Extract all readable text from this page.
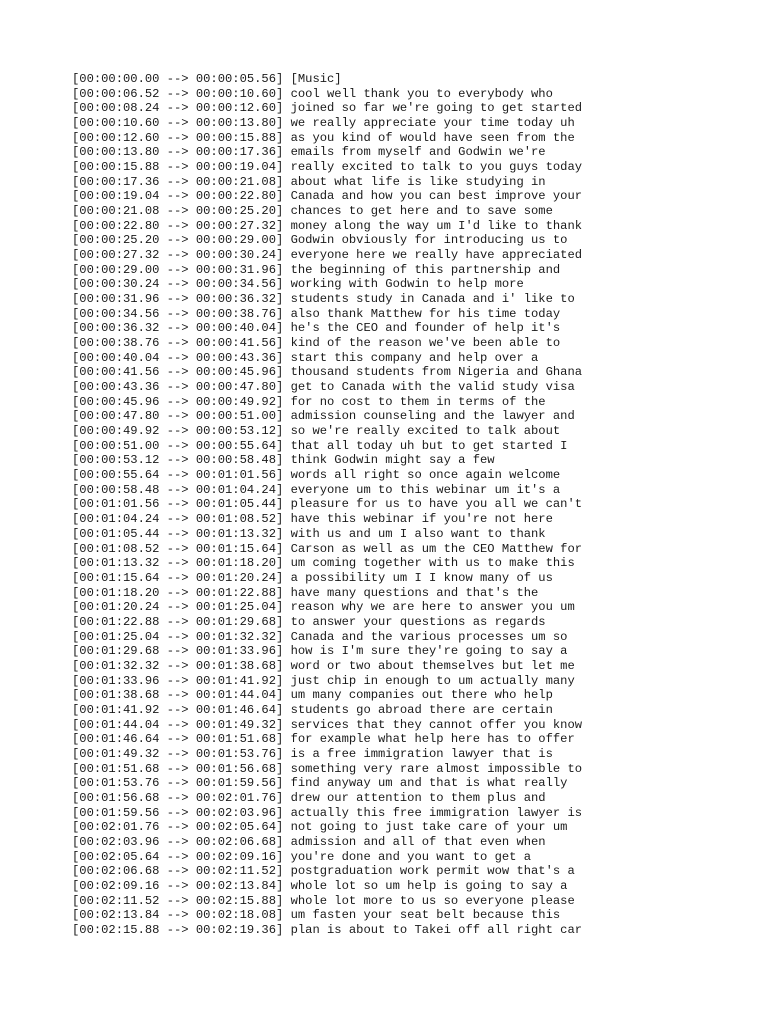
[00:00:00.00 --> 00:00:05.56] [Music]
[00:00:06.52 --> 00:00:10.60] cool well thank you to everybody who
[00:00:08.24 --> 00:00:12.60] joined so far we're going to get started
[00:00:10.60 --> 00:00:13.80] we really appreciate your time today uh
[00:00:12.60 --> 00:00:15.88] as you kind of would have seen from the
[00:00:13.80 --> 00:00:17.36] emails from myself and Godwin we're
[00:00:15.88 --> 00:00:19.04] really excited to talk to you guys today
[00:00:17.36 --> 00:00:21.08] about what life is like studying in
[00:00:19.04 --> 00:00:22.80] Canada and how you can best improve your
[00:00:21.08 --> 00:00:25.20] chances to get here and to save some
[00:00:22.80 --> 00:00:27.32] money along the way um I'd like to thank
[00:00:25.20 --> 00:00:29.00] Godwin obviously for introducing us to
[00:00:27.32 --> 00:00:30.24] everyone here we really have appreciated
[00:00:29.00 --> 00:00:31.96] the beginning of this partnership and
[00:00:30.24 --> 00:00:34.56] working with Godwin to help more
[00:00:31.96 --> 00:00:36.32] students study in Canada and i' like to
[00:00:34.56 --> 00:00:38.76] also thank Matthew for his time today
[00:00:36.32 --> 00:00:40.04] he's the CEO and founder of help it's
[00:00:38.76 --> 00:00:41.56] kind of the reason we've been able to
[00:00:40.04 --> 00:00:43.36] start this company and help over a
[00:00:41.56 --> 00:00:45.96] thousand students from Nigeria and Ghana
[00:00:43.36 --> 00:00:47.80] get to Canada with the valid study visa
[00:00:45.96 --> 00:00:49.92] for no cost to them in terms of the
[00:00:47.80 --> 00:00:51.00] admission counseling and the lawyer and
[00:00:49.92 --> 00:00:53.12] so we're really excited to talk about
[00:00:51.00 --> 00:00:55.64] that all today uh but to get started I
[00:00:53.12 --> 00:00:58.48] think Godwin might say a few
[00:00:55.64 --> 00:01:01.56] words all right so once again welcome
[00:00:58.48 --> 00:01:04.24] everyone um to this webinar um it's a
[00:01:01.56 --> 00:01:05.44] pleasure for us to have you all we can't
[00:01:04.24 --> 00:01:08.52] have this webinar if you're not here
[00:01:05.44 --> 00:01:13.32] with us and um I also want to thank
[00:01:08.52 --> 00:01:15.64] Carson as well as um the CEO Matthew for
[00:01:13.32 --> 00:01:18.20] um coming together with us to make this
[00:01:15.64 --> 00:01:20.24] a possibility um I I know many of us
[00:01:18.20 --> 00:01:22.88] have many questions and that's the
[00:01:20.24 --> 00:01:25.04] reason why we are here to answer you um
[00:01:22.88 --> 00:01:29.68] to answer your questions as regards
[00:01:25.04 --> 00:01:32.32] Canada and the various processes um so
[00:01:29.68 --> 00:01:33.96] how is I'm sure they're going to say a
[00:01:32.32 --> 00:01:38.68] word or two about themselves but let me
[00:01:33.96 --> 00:01:41.92] just chip in enough to um actually many
[00:01:38.68 --> 00:01:44.04] um many companies out there who help
[00:01:41.92 --> 00:01:46.64] students go abroad there are certain
[00:01:44.04 --> 00:01:49.32] services that they cannot offer you know
[00:01:46.64 --> 00:01:51.68] for example what help here has to offer
[00:01:49.32 --> 00:01:53.76] is a free immigration lawyer that is
[00:01:51.68 --> 00:01:56.68] something very rare almost impossible to
[00:01:53.76 --> 00:01:59.56] find anyway um and that is what really
[00:01:56.68 --> 00:02:01.76] drew our attention to them plus and
[00:01:59.56 --> 00:02:03.96] actually this free immigration lawyer is
[00:02:01.76 --> 00:02:05.64] not going to just take care of your um
[00:02:03.96 --> 00:02:06.68] admission and all of that even when
[00:02:05.64 --> 00:02:09.16] you're done and you want to get a
[00:02:06.68 --> 00:02:11.52] postgraduation work permit wow that's a
[00:02:09.16 --> 00:02:13.84] whole lot so um help is going to say a
[00:02:11.52 --> 00:02:15.88] whole lot more to us so everyone please
[00:02:13.84 --> 00:02:18.08] um fasten your seat belt because this
[00:02:15.88 --> 00:02:19.36] plan is about to Takei off all right car
